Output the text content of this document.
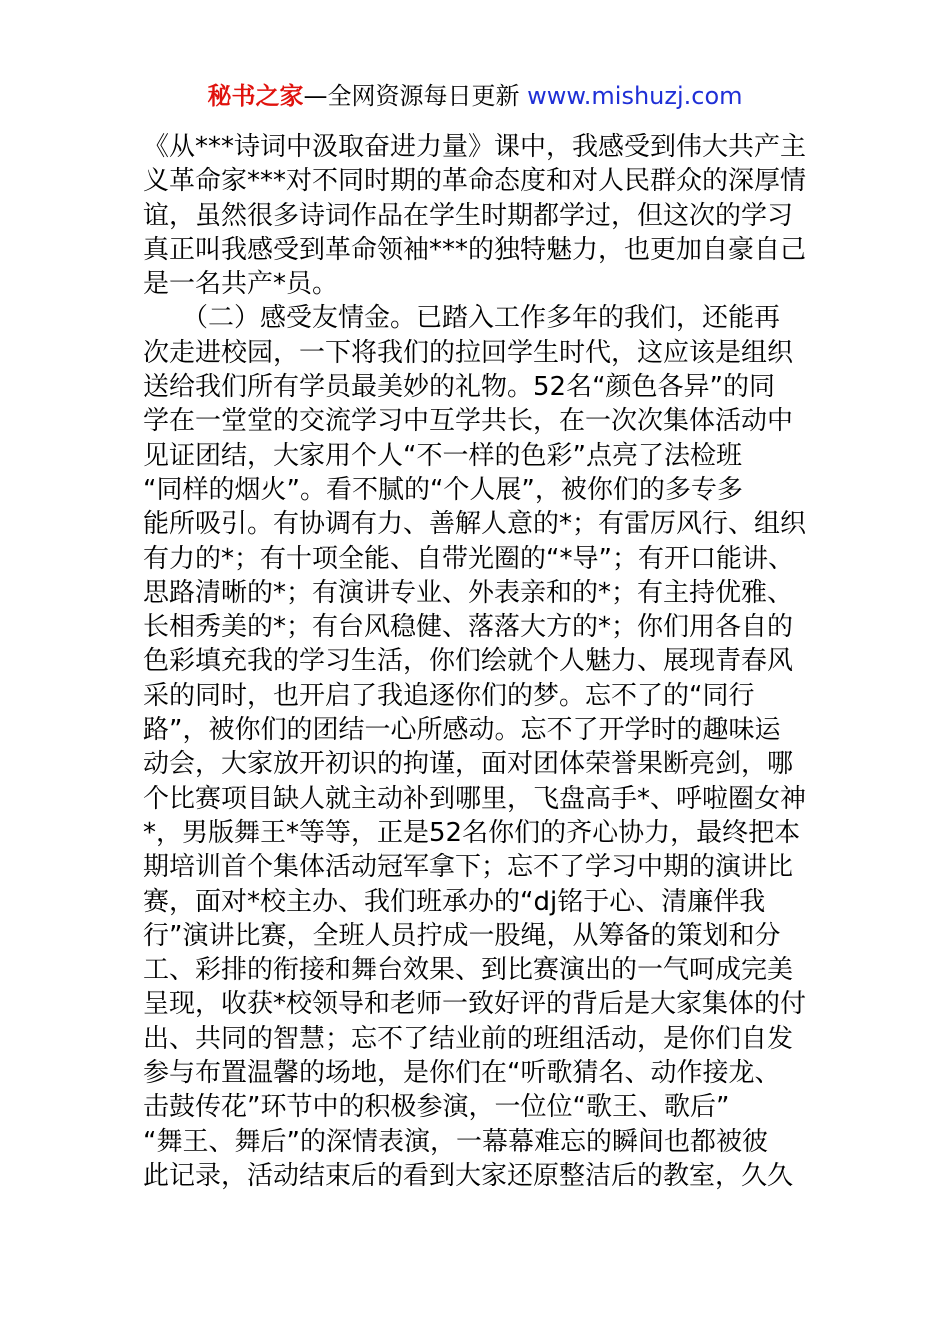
秘书之家—全网资源每日更新 www.mishuzj.com
《从***诗词中汲取奋进力量》课中，我感受到伟大共产主
义革命家***对不同时期的革命态度和对人民群众的深厚情
谊，虽然很多诗词作品在学生时期都学过，但这次的学习
真正叫我感受到革命领袖***的独特魅力，也更加自豪自己
是一名共产*员。
　　（二）感受友情金。已踏入工作多年的我们，还能再
次走进校园，一下将我们的拉回学生时代，这应该是组织
送给我们所有学员最美妙的礼物。52名“颜色各异”的同
学在一堂堂的交流学习中互学共长，在一次次集体活动中
见证团结，大家用个人“不一样的色彩”点亮了法检班
“同样的烟火”。看不腻的“个人展”，被你们的多专多
能所吸引。有协调有力、善解人意的*；有雷厉风行、组织
有力的*；有十项全能、自带光圈的“*导”；有开口能讲、
思路清晰的*；有演讲专业、外表亲和的*；有主持优雅、
长相秀美的*；有台风稳健、落落大方的*；你们用各自的
色彩填充我的学习生活，你们绘就个人魅力、展现青春风
采的同时，也开启了我追逐你们的梦。忘不了的“同行
路”，被你们的团结一心所感动。忘不了开学时的趣味运
动会，大家放开初识的拘谨，面对团体荣誉果断亮剑，哪
个比赛项目缺人就主动补到哪里，飞盘高手*、呼啦圈女神
*，男版舞王*等等，正是52名你们的齐心协力，最终把本
期培训首个集体活动冠军拿下；忘不了学习中期的演讲比
赛，面对*校主办、我们班承办的“dj铭于心、清廉伴我
行”演讲比赛，全班人员拧成一股绳，从筹备的策划和分
工、彩排的衔接和舞台效果、到比赛演出的一气呵成完美
呈现，收获*校领导和老师一致好评的背后是大家集体的付
出、共同的智慧；忘不了结业前的班组活动，是你们自发
参与布置温馨的场地，是你们在“听歌猜名、动作接龙、
击鼓传花”环节中的积极参演，一位位“歌王、歌后”
“舞王、舞后”的深情表演，一幕幕难忘的瞬间也都被彼
此记录，活动结束后的看到大家还原整洁后的教室，久久
